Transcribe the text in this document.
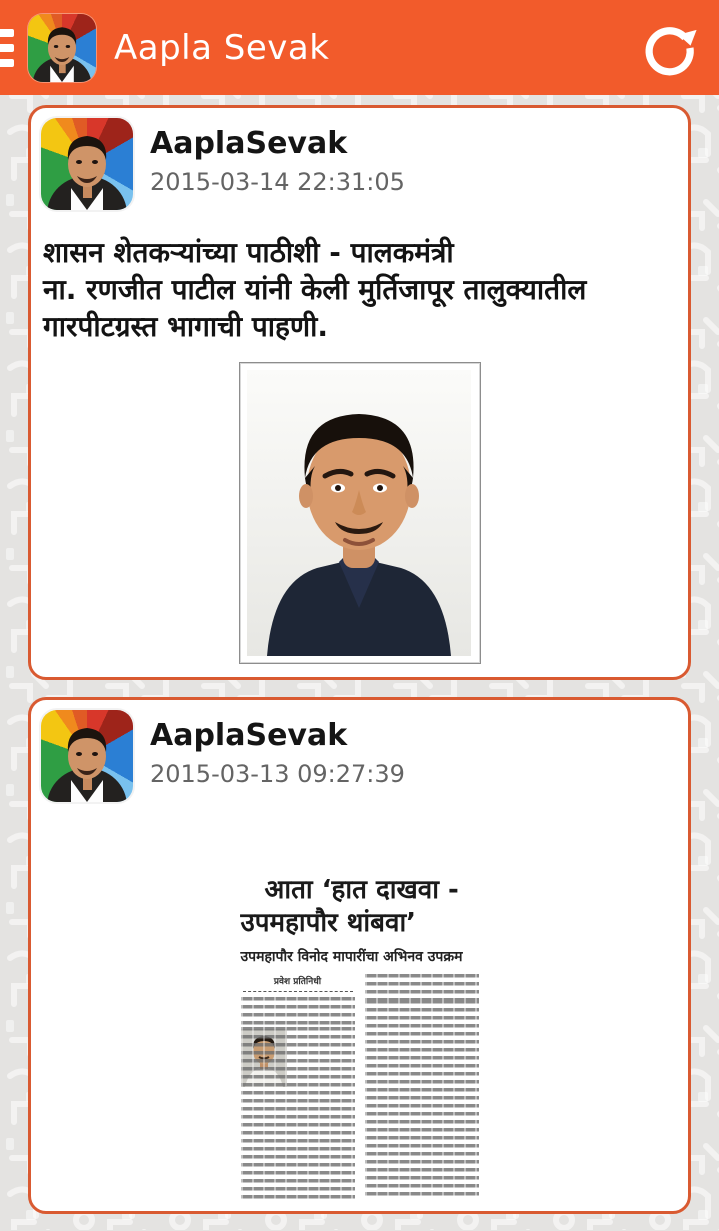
Aapla Sevak
AaplaSevak
2015-03-14 22:31:05
शासन शेतकऱ्यांच्या पाठीशी - पालकमंत्री
ना. रणजीत पाटील यांनी केली मुर्तिजापूर तालुक्यातील
गारपीटग्रस्त भागाची पाहणी.
AaplaSevak
2015-03-13 09:27:39
आता ‘हात दाखवा -
उपमहापौर थांबवा’
उपमहापौर विनोद मापारींचा अभिनव उपक्रम
प्रवेश प्रतिनिधी
